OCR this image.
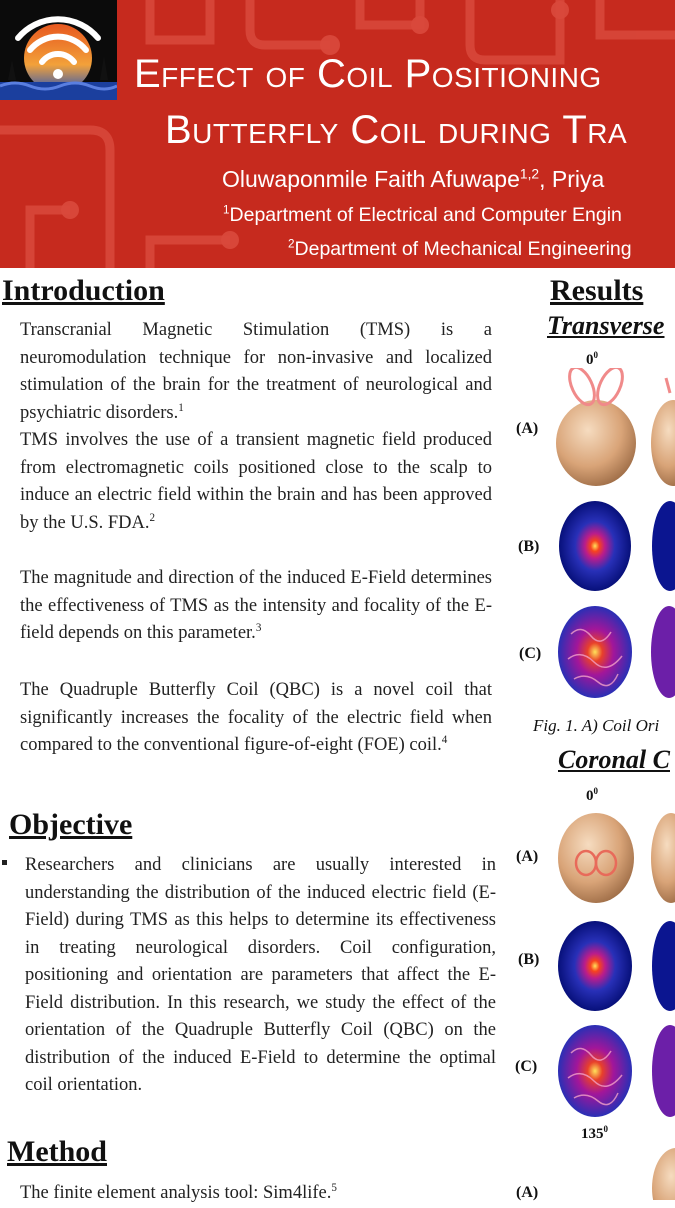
Effect of Coil Positioning
Butterfly Coil during Tra
Oluwaponmile Faith Afuwape$^{1,2}$, Priya
$^1$Department of Electrical and Computer Engin
$^2$Department of Mechanical Engineering
Introduction
Transcranial Magnetic Stimulation (TMS) is a neuromodulation technique for non-invasive and localized stimulation of the brain for the treatment of neurological and psychiatric disorders.$^1$
TMS involves the use of a transient magnetic field produced from electromagnetic coils positioned close to the scalp to induce an electric field within the brain and has been approved by the U.S. FDA.$^2$
The magnitude and direction of the induced E-Field determines the effectiveness of TMS as the intensity and focality of the E-field depends on this parameter.$^3$
The Quadruple Butterfly Coil (QBC) is a novel coil that significantly increases the focality of the electric field when compared to the conventional figure-of-eight (FOE) coil.$^4$
Objective
Researchers and clinicians are usually interested in understanding the distribution of the induced electric field (E-Field) during TMS as this helps to determine its effectiveness in treating neurological disorders. Coil configuration, positioning and orientation are parameters that affect the E-Field distribution. In this research, we study the effect of the orientation of the Quadruple Butterfly Coil (QBC) on the distribution of the induced E-Field to determine the optimal coil orientation.
Method
The finite element analysis tool: Sim4life.$^5$
Results
Transverse
$0^0$
(A)
(B)
(C)
Fig. 1. A) Coil Ori
Coronal C
$0^0$
(A)
(B)
(C)
$135^0$
(A)
